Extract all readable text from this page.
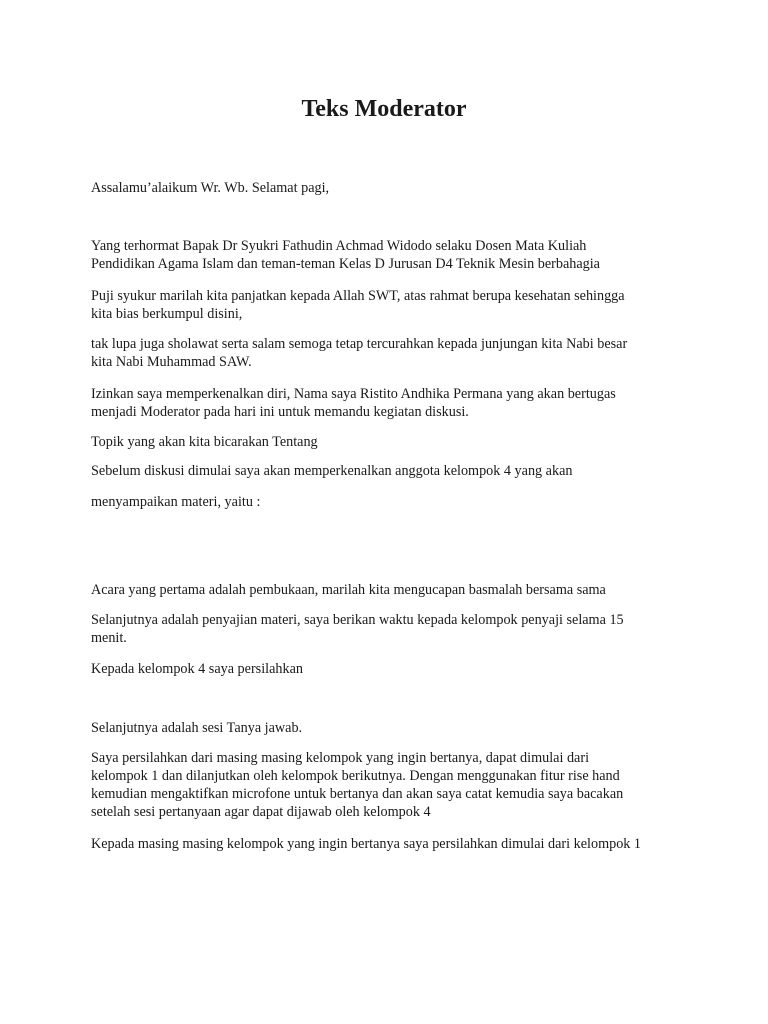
Teks Moderator

Assalamu’alaikum Wr. Wb. Selamat pagi,

Yang terhormat Bapak Dr Syukri Fathudin Achmad Widodo selaku Dosen Mata Kuliah
Pendidikan Agama Islam dan teman-teman Kelas D Jurusan D4 Teknik Mesin berbahagia

Puji syukur marilah kita panjatkan kepada Allah SWT, atas rahmat berupa kesehatan sehingga
kita bias berkumpul disini,

tak lupa juga sholawat serta salam semoga tetap tercurahkan kepada junjungan kita Nabi besar
kita Nabi Muhammad SAW.

Izinkan saya memperkenalkan diri, Nama saya Ristito Andhika Permana yang akan bertugas
menjadi Moderator pada hari ini untuk memandu kegiatan diskusi.

Topik yang akan kita bicarakan Tentang

Sebelum diskusi dimulai saya akan memperkenalkan anggota kelompok 4 yang akan

menyampaikan materi, yaitu :

Acara yang pertama adalah pembukaan, marilah kita mengucapan basmalah bersama sama

Selanjutnya adalah penyajian materi, saya berikan waktu kepada kelompok penyaji selama 15
menit.

Kepada kelompok 4 saya persilahkan

Selanjutnya adalah sesi Tanya jawab.

Saya persilahkan dari masing masing kelompok yang ingin bertanya, dapat dimulai dari
kelompok 1 dan dilanjutkan oleh kelompok berikutnya. Dengan menggunakan fitur rise hand
kemudian mengaktifkan microfone untuk bertanya dan akan saya catat kemudia saya bacakan
setelah sesi pertanyaan agar dapat dijawab oleh kelompok 4

Kepada masing masing kelompok yang ingin bertanya saya persilahkan dimulai dari kelompok 1
